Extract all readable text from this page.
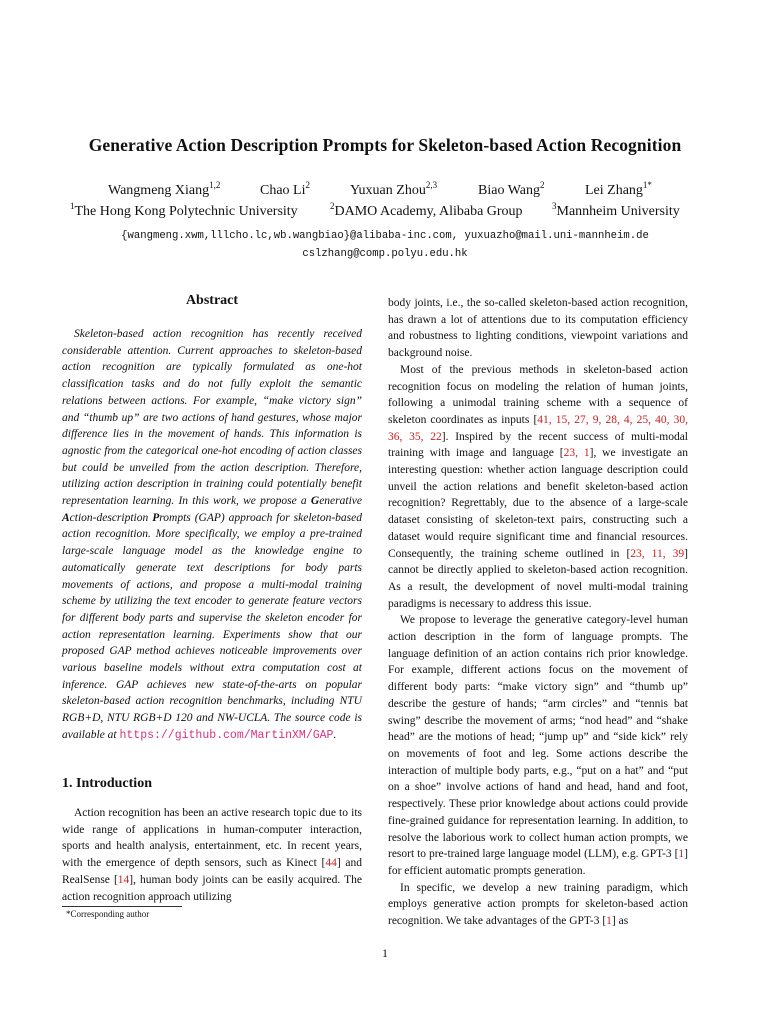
Generative Action Description Prompts for Skeleton-based Action Recognition
Wangmeng Xiang$^{1,2}$	Chao Li$^2$	Yuxuan Zhou$^{2,3}$	Biao Wang$^2$	Lei Zhang$^{1*}$
$^1$The Hong Kong Polytechnic University	$^2$DAMO Academy, Alibaba Group	$^3$Mannheim University
{wangmeng.xwm,lllcho.lc,wb.wangbiao}@alibaba-inc.com, yuxuazho@mail.uni-mannheim.de
cslzhang@comp.polyu.edu.hk
Abstract
Skeleton-based action recognition has recently received considerable attention. Current approaches to skeleton-based action recognition are typically formulated as one-hot classification tasks and do not fully exploit the semantic relations between actions. For example, “make victory sign” and “thumb up” are two actions of hand gestures, whose major difference lies in the movement of hands. This information is agnostic from the categorical one-hot encoding of action classes but could be unveiled from the action description. Therefore, utilizing action description in training could potentially benefit representation learning. In this work, we propose a Generative Action-description Prompts (GAP) approach for skeleton-based action recognition. More specifically, we employ a pre-trained large-scale language model as the knowledge engine to automatically generate text descriptions for body parts movements of actions, and propose a multi-modal training scheme by utilizing the text encoder to generate feature vectors for different body parts and supervise the skeleton encoder for action representation learning. Experiments show that our proposed GAP method achieves noticeable improvements over various baseline models without extra computation cost at inference. GAP achieves new state-of-the-arts on popular skeleton-based action recognition benchmarks, including NTU RGB+D, NTU RGB+D 120 and NW-UCLA. The source code is available at https://github.com/MartinXM/GAP.
1. Introduction
Action recognition has been an active research topic due to its wide range of applications in human-computer interaction, sports and health analysis, entertainment, etc. In recent years, with the emergence of depth sensors, such as Kinect [44] and RealSense [14], human body joints can be easily acquired. The action recognition approach utilizing
*Corresponding author

body joints, i.e., the so-called skeleton-based action recognition, has drawn a lot of attentions due to its computation efficiency and robustness to lighting conditions, viewpoint variations and background noise.

Most of the previous methods in skeleton-based action recognition focus on modeling the relation of human joints, following a unimodal training scheme with a sequence of skeleton coordinates as inputs [41, 15, 27, 9, 28, 4, 25, 40, 30, 36, 35, 22]. Inspired by the recent success of multi-modal training with image and language [23, 1], we investigate an interesting question: whether action language description could unveil the action relations and benefit skeleton-based action recognition? Regrettably, due to the absence of a large-scale dataset consisting of skeleton-text pairs, constructing such a dataset would require significant time and financial resources. Consequently, the training scheme outlined in [23, 11, 39] cannot be directly applied to skeleton-based action recognition. As a result, the development of novel multi-modal training paradigms is necessary to address this issue.

We propose to leverage the generative category-level human action description in the form of language prompts. The language definition of an action contains rich prior knowledge. For example, different actions focus on the movement of different body parts: “make victory sign” and “thumb up” describe the gesture of hands; “arm circles” and “tennis bat swing” describe the movement of arms; “nod head” and “shake head” are the motions of head; “jump up” and “side kick” rely on movements of foot and leg. Some actions describe the interaction of multiple body parts, e.g., “put on a hat” and “put on a shoe” involve actions of hand and head, hand and foot, respectively. These prior knowledge about actions could provide fine-grained guidance for representation learning. In addition, to resolve the laborious work to collect human action prompts, we resort to pre-trained large language model (LLM), e.g. GPT-3 [1] for efficient automatic prompts generation.

In specific, we develop a new training paradigm, which employs generative action prompts for skeleton-based action recognition. We take advantages of the GPT-3 [1] as

1
